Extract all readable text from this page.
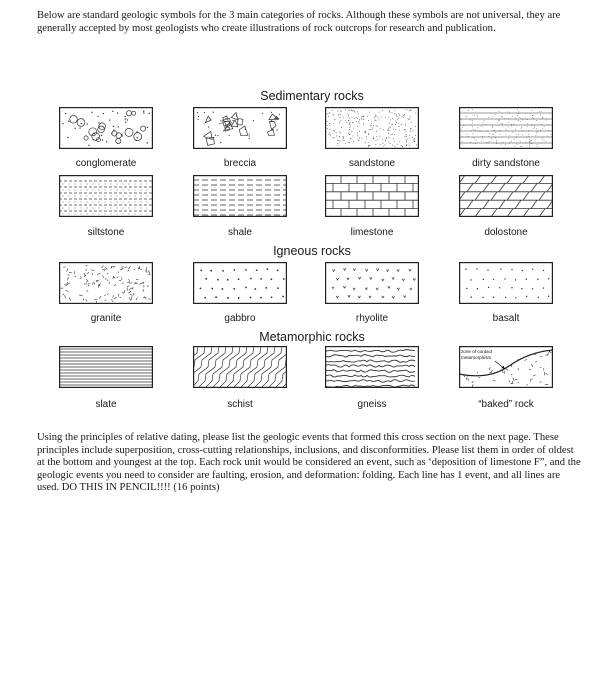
Below are standard geologic symbols for the 3 main categories of rocks. Although these symbols are not universal, they are generally accepted by most geologists who create illustrations of rock outcrops for research and publication.
Sedimentary rocks
Igneous rocks
Metamorphic rocks
conglomerate	breccia	sandstone	dirty sandstone
siltstone	shale	limestone	dolostone
granite	gabbro	rhyolite	basalt
zone of contact
metamorphism
slate	schist	gneiss	“baked” rock
Using the principles of relative dating, please list the geologic events that formed this cross section on the next page. These principles include superposition, cross-cutting relationships, inclusions, and disconformities. Please list them in order of oldest at the bottom and youngest at the top. Each rock unit would be considered an event, such as ‘deposition of limestone F”, and the geologic events you need to consider are faulting, erosion, and deformation: folding. Each line has 1 event, and all lines are used. DO THIS IN PENCIL!!!! (16 points)
